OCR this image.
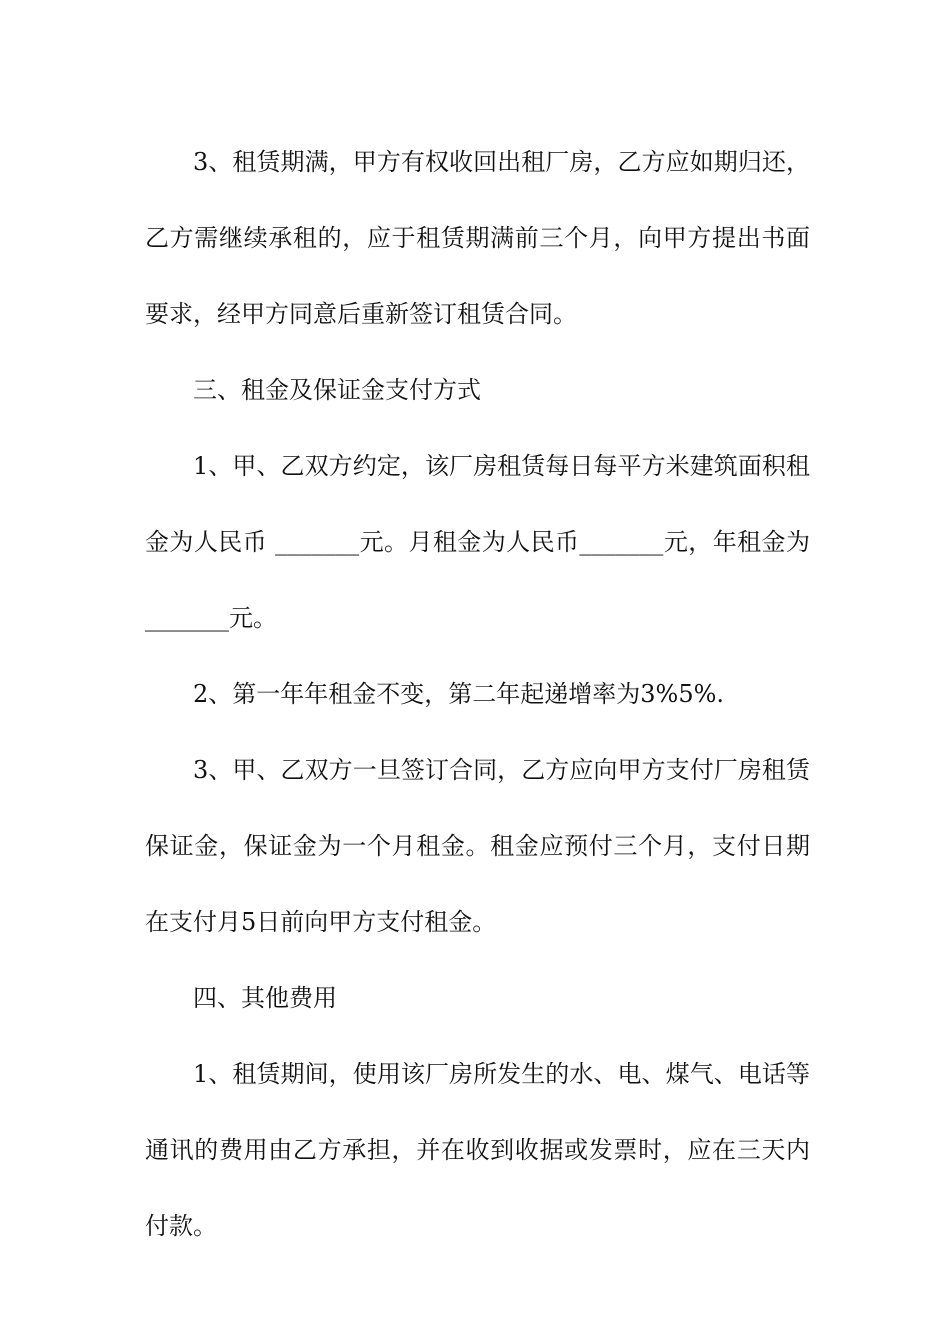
3、租赁期满，甲方有权收回出租厂房，乙方应如期归还，乙方需继续承租的，应于租赁期满前三个月，向甲方提出书面要求，经甲方同意后重新签订租赁合同。

三、租金及保证金支付方式

1、甲、乙双方约定，该厂房租赁每日每平方米建筑面积租金为人民币 _______元。月租金为人民币_______元，年租金为_______元。

2、第一年年租金不变，第二年起递增率为3%5%.

3、甲、乙双方一旦签订合同，乙方应向甲方支付厂房租赁保证金，保证金为一个月租金。租金应预付三个月，支付日期在支付月5日前向甲方支付租金。

四、其他费用

1、租赁期间，使用该厂房所发生的水、电、煤气、电话等通讯的费用由乙方承担，并在收到收据或发票时，应在三天内付款。
